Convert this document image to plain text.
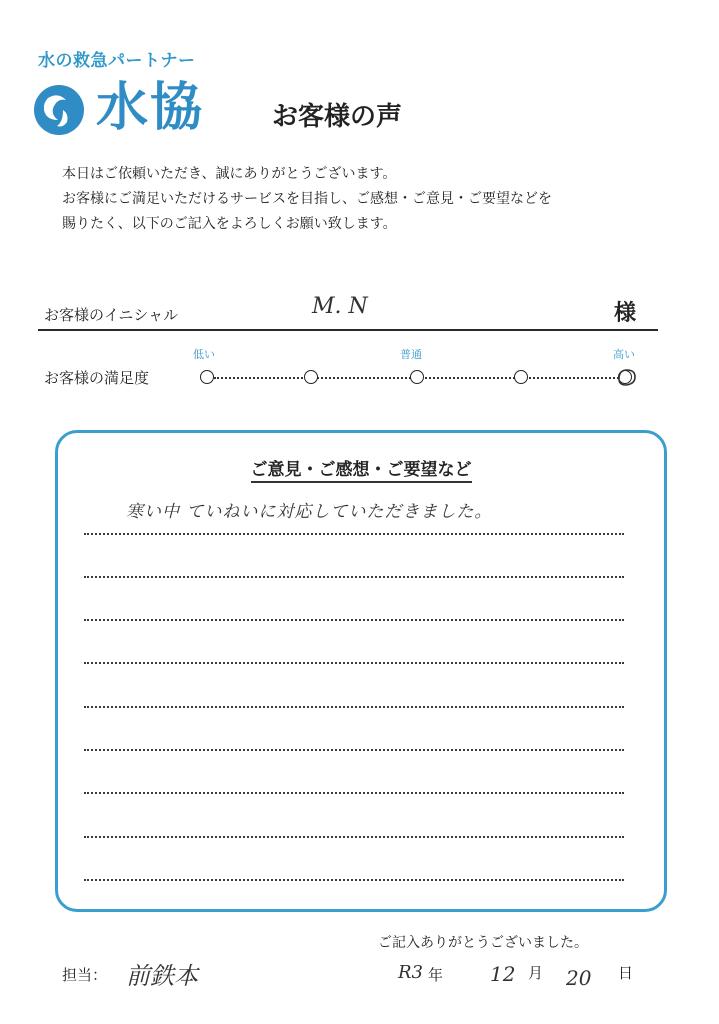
水の救急パートナー
水協	お客様の声
本日はご依頼いただき、誠にありがとうございます。
お客様にご満足いただけるサービスを目指し、ご感想・ご意見・ご要望などを
賜りたく、以下のご記入をよろしくお願い致します。
お客様のイニシャル	M. N	様
お客様の満足度
低い	普通	高い
ご意見・ご感想・ご要望など
寒い中 ていねいに対応していただきました。
ご記入ありがとうございました。
担当： 前鉄本	R3 年 12 月 20 日
